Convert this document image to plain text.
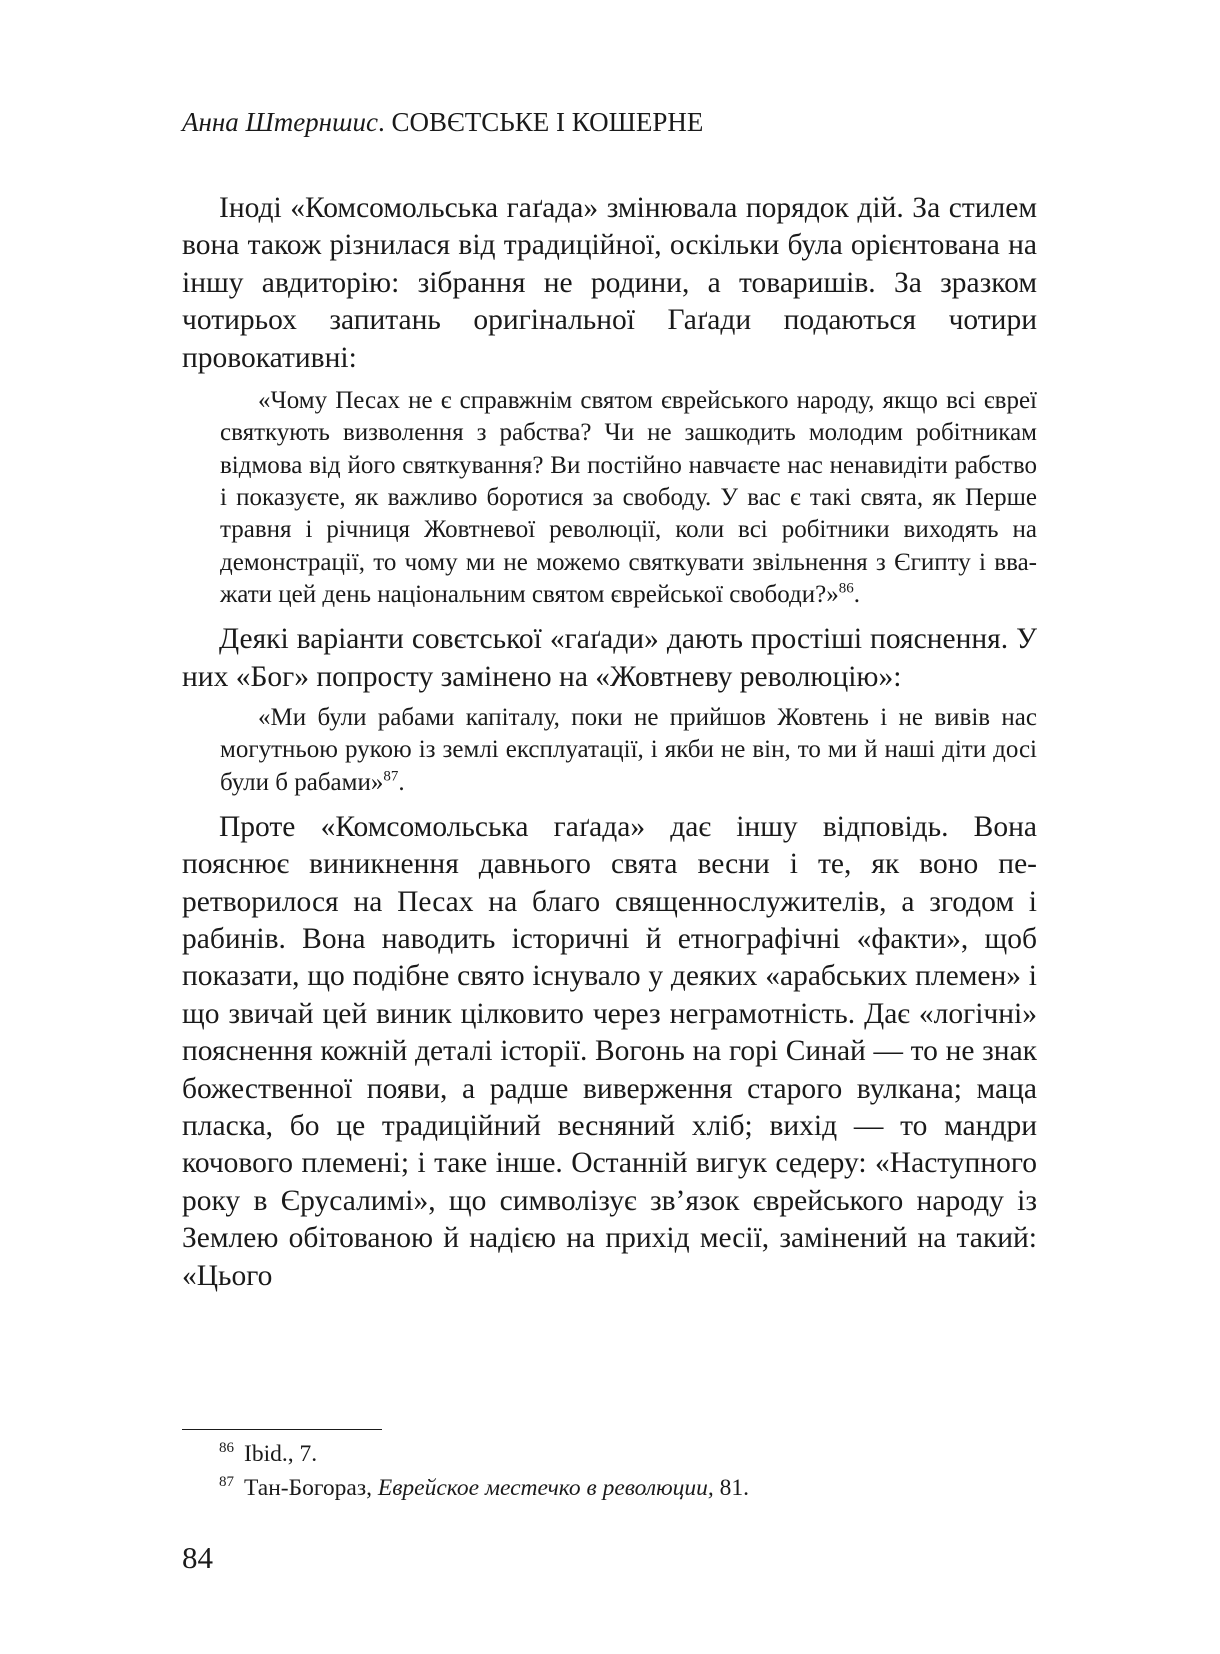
Анна Штерншис. СОВЄТСЬКЕ І КОШЕРНЕ

Іноді «Комсомольська гаґада» змінювала порядок дій. За стилем вона також різнилася від традиційної, оскільки була орієнтована на іншу авдиторію: зібрання не родини, а товаришів. За зразком чотирьох запитань оригінальної Гаґади подаються чотири провокативні:

«Чому Песах не є справжнім святом єврейського народу, якщо всі євреї святкують визволення з рабства? Чи не зашкодить молодим робітникам відмова від його святкування? Ви постійно навчаєте нас ненавидіти рабство і показуєте, як важливо боротися за свободу. У вас є такі свята, як Перше травня і річниця Жовтневої революції, коли всі робітники виходять на демонстрації, то чому ми не можемо святкувати звільнення з Єгипту і вважати цей день національним святом єврейської свободи?»$^{86}$.

Деякі варіанти совєтської «гаґади» дають простіші пояснення. У них «Бог» попросту замінено на «Жовтневу революцію»:

«Ми були рабами капіталу, поки не прийшов Жовтень і не вивів нас могутньою рукою із землі експлуатації, і якби не він, то ми й наші діти досі були б рабами»$^{87}$.

Проте «Комсомольська гаґада» дає іншу відповідь. Вона пояснює виникнення давнього свята весни і те, як воно перетворилося на Песах на благо священнослужителів, а згодом і рабинів. Вона наводить історичні й етнографічні «факти», щоб показати, що подібне свято існувало у деяких «арабських племен» і що звичай цей виник цілковито через неграмотність. Дає «логічні» пояснення кожній деталі історії. Вогонь на горі Синай — то не знак божественної появи, а радше виверження старого вулкана; маца пласка, бо це традиційний весняний хліб; вихід — то мандри кочового племені; і таке інше. Останній вигук седеру: «Наступного року в Єрусалимі», що символізує зв’язок єврейського народу із Землею обітованою й надією на прихід месії, замінений на такий: «Цього

$^{86}$ Ibid., 7.
$^{87}$ Тан-Богораз, Еврейское местечко в революции, 81.
84
